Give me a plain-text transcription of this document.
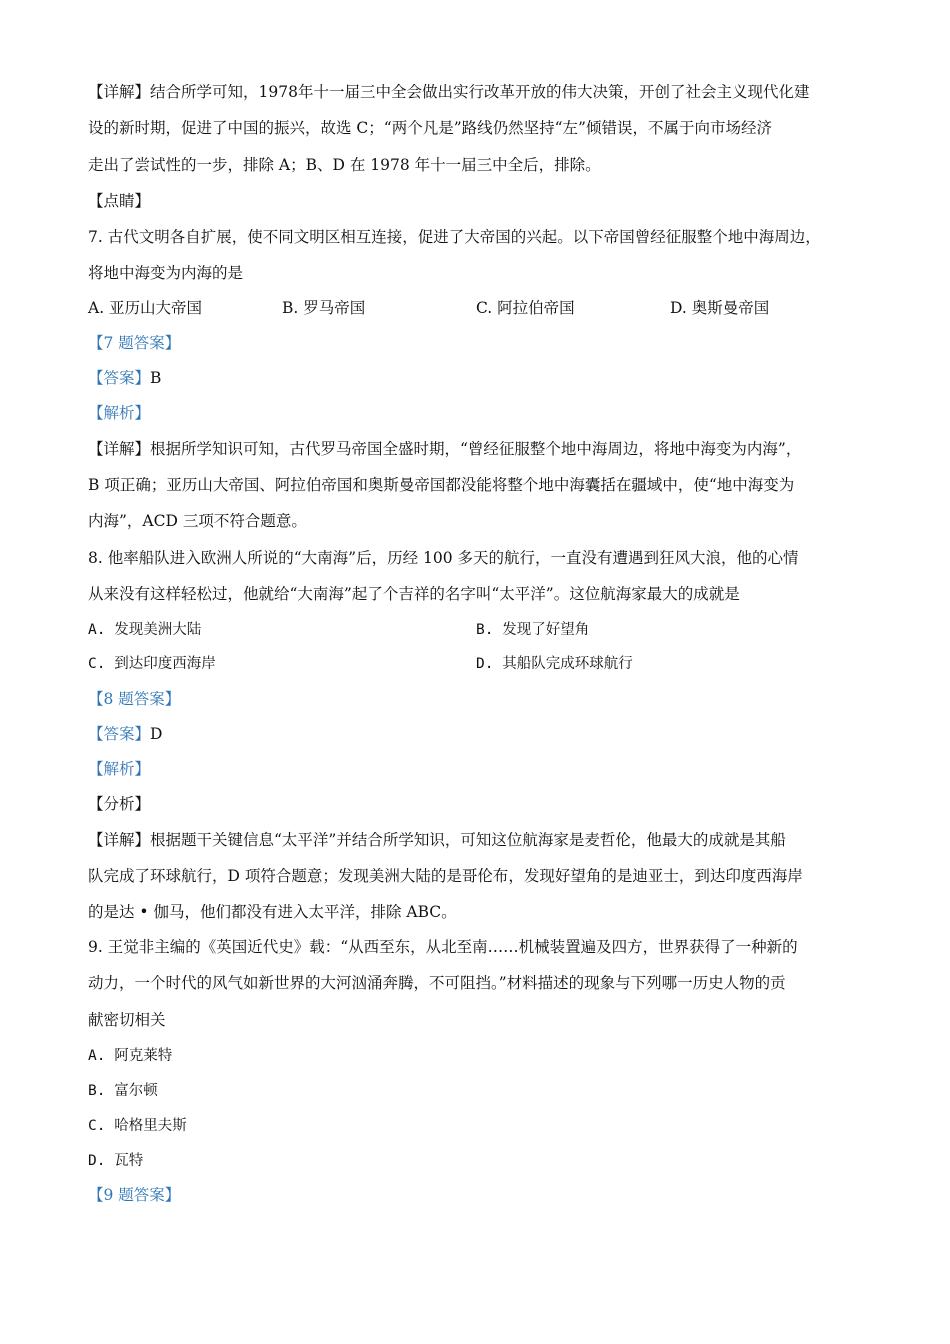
【详解】结合所学可知，1978年十一届三中全会做出实行改革开放的伟大决策，开创了社会主义现代化建
设的新时期，促进了中国的振兴，故选 C；“两个凡是”路线仍然坚持“左”倾错误，不属于向市场经济
走出了尝试性的一步，排除 A；B、D 在 1978 年十一届三中全后，排除。
【点睛】
7. 古代文明各自扩展，使不同文明区相互连接，促进了大帝国的兴起。以下帝国曾经征服整个地中海周边，
将地中海变为内海的是
A. 亚历山大帝国	B. 罗马帝国	C. 阿拉伯帝国	D. 奥斯曼帝国
【7 题答案】
【答案】B
【解析】
【详解】根据所学知识可知，古代罗马帝国全盛时期，“曾经征服整个地中海周边，将地中海变为内海”，
B 项正确；亚历山大帝国、阿拉伯帝国和奥斯曼帝国都没能将整个地中海囊括在疆域中，使“地中海变为
内海”，ACD 三项不符合题意。
8. 他率船队进入欧洲人所说的“大南海”后，历经 100 多天的航行，一直没有遭遇到狂风大浪，他的心情
从来没有这样轻松过，他就给“大南海”起了个吉祥的名字叫“太平洋”。这位航海家最大的成就是
A. 发现美洲大陆	B. 发现了好望角
C. 到达印度西海岸	D. 其船队完成环球航行
【8 题答案】
【答案】D
【解析】
【分析】
【详解】根据题干关键信息“太平洋”并结合所学知识，可知这位航海家是麦哲伦，他最大的成就是其船
队完成了环球航行，D 项符合题意；发现美洲大陆的是哥伦布，发现好望角的是迪亚士，到达印度西海岸
的是达 • 伽马，他们都没有进入太平洋，排除 ABC。
9. 王觉非主编的《英国近代史》载：“从西至东，从北至南……机械装置遍及四方，世界获得了一种新的
动力，一个时代的风气如新世界的大河汹涌奔腾，不可阻挡。”材料描述的现象与下列哪一历史人物的贡
献密切相关
A. 阿克莱特
B. 富尔顿
C. 哈格里夫斯
D. 瓦特
【9 题答案】
